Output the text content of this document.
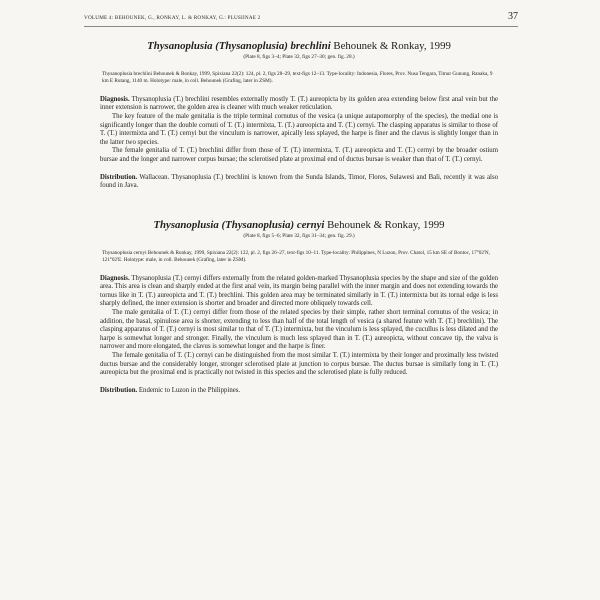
VOLUME 4: BEHOUNEK, G., RONKAY, L. & RONKAY, G.: PLUSIINAE 2	37

Thysanoplusia (Thysanoplusia) brechlini Behounek & Ronkay, 1999

(Plate 8, figs 3–4; Plate 32, figs 27–30; gen. fig. 28.)

Thysanoplusia brechlini Behounek & Ronkay, 1999, Spixiana 22(2): 124, pl. 2, figs 28–29, text-figs 12–13. Type-locality: Indonesia, Flores, Prov. Nusa Tengara, Timur Gunung, Ranaka, 9 km E Rutang, 1140 m. Holotype: male, in coll. Behounek (Grafing, later in ZSM).

Diagnosis. Thysanoplusia (T.) brechlini resembles externally mostly T. (T.) aureopicta by its golden area extending below first anal vein but the inner extension is narrower, the golden area is cleaner with much weaker reticulation.

The key feature of the male genitalia is the triple terminal cornutus of the vesica (a unique autapomorphy of the species), the medial one is significantly longer than the double cornuti of T. (T.) intermixta, T. (T.) aureopicta and T. (T.) cernyi. The clasping apparatus is similar to those of T. (T.) intermixta and T. (T.) cernyi but the vinculum is narrower, apically less splayed, the harpe is finer and the clavus is slightly longer than in the latter two species.

The female genitalia of T. (T.) brechlini differ from those of T. (T.) intermixta, T. (T.) aureopicta and T. (T.) cernyi by the broader ostium bursae and the longer and narrower corpus bursae; the sclerotised plate at proximal end of ductus bursae is weaker than that of T. (T.) cernyi.

Distribution. Wallacean. Thysanoplusia (T.) brechlini is known from the Sunda Islands, Timor, Flores, Sulawesi and Bali, recently it was also found in Java.

Thysanoplusia (Thysanoplusia) cernyi Behounek & Ronkay, 1999

(Plate 8, figs 5–6; Plate 32, figs 31–34; gen. fig. 29.)

Thysanoplusia cernyi Behounek & Ronkay, 1999, Spixiana 22(2): 122, pl. 2, figs 26–27, text-figs 10–11. Type-locality: Philippines, N Luzon, Prov. Chatol, 15 km SE of Bontoc, 17°02'N, 121°02'E. Holotype: male, in coll. Behounek (Grafing, later in ZSM).

Diagnosis. Thysanoplusia (T.) cernyi differs externally from the related golden-marked Thysanoplusia species by the shape and size of the golden area. This area is clean and sharply ended at the first anal vein, its margin being parallel with the inner margin and does not extending towards the tornus like in T. (T.) aureopicta and T. (T.) brechlini. This golden area may be terminated similarly in T. (T.) intermixta but its tornal edge is less sharply defined, the inner extension is shorter and broader and directed more obliquely towards cell.

The male genitalia of T. (T.) cernyi differ from those of the related species by their simple, rather short terminal cornutus of the vesica; in addition, the basal, spinulose area is shorter, extending to less than half of the total length of vesica (a shared feature with T. (T.) brechlini). The clasping apparatus of T. (T.) cernyi is most similar to that of T. (T.) intermixta, but the vinculum is less splayed, the cucullus is less dilated and the harpe is somewhat longer and stronger. Finally, the vinculum is much less splayed than in T. (T.) aureopicta, without concave tip, the valva is narrower and more elongated, the clavus is somewhat longer and the harpe is finer.

The female genitalia of T. (T.) cernyi can be distinguished from the most similar T. (T.) intermixta by their longer and proximally less twisted ductus bursae and the considerably longer, stronger sclerotised plate at junction to corpus bursae. The ductus bursae is similarly long in T. (T.) aureopicta but the proximal end is practically not twisted in this species and the sclerotised plate is fully reduced.

Distribution. Endemic to Luzon in the Philippines.
